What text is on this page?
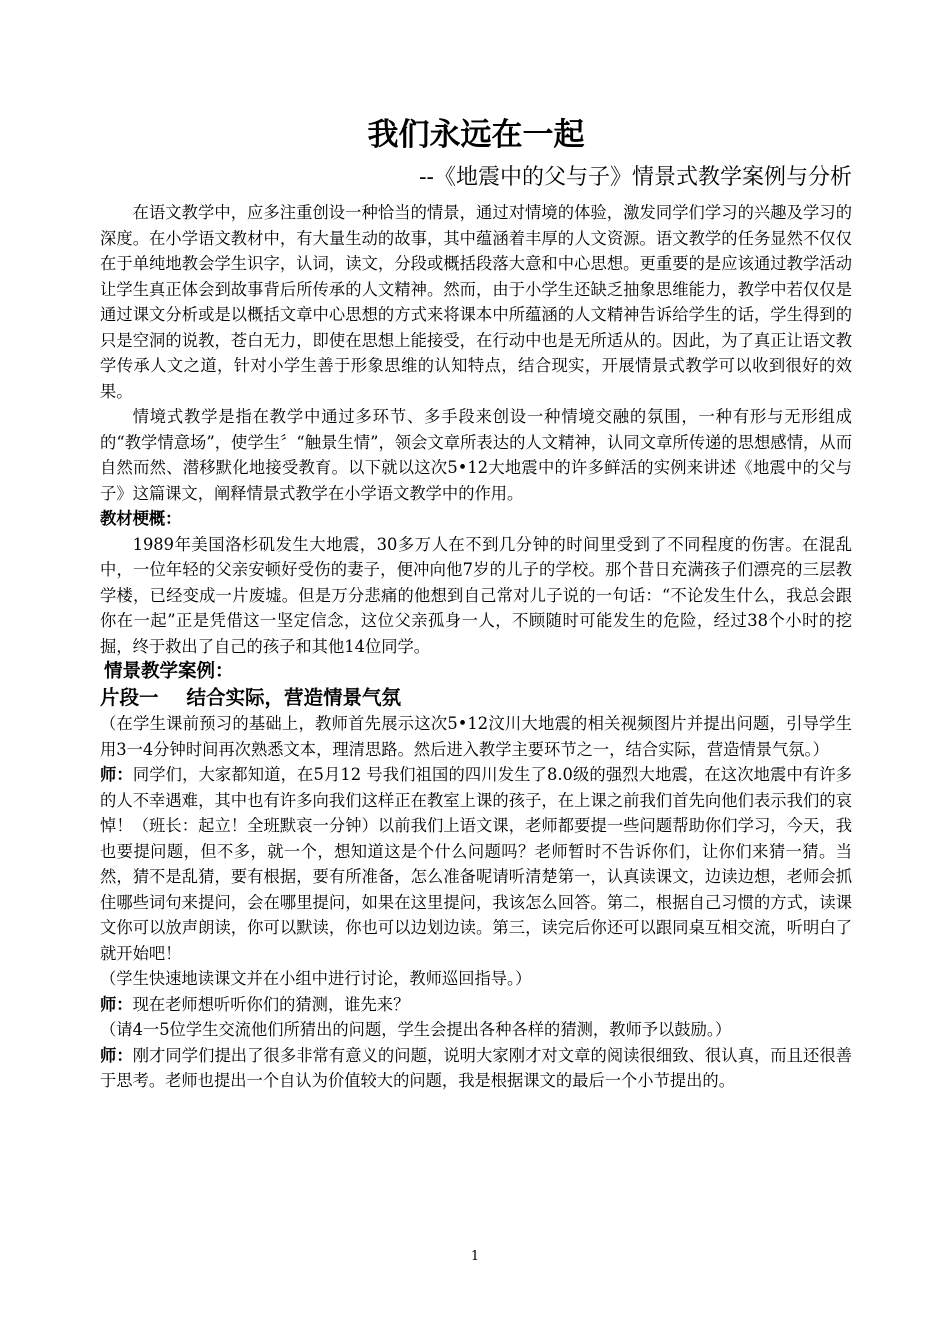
我们永远在一起
--《地震中的父与子》情景式教学案例与分析

在语文教学中，应多注重创设一种恰当的情景，通过对情境的体验，激发同学们学习的兴趣及学习的深度。在小学语文教材中，有大量生动的故事，其中蕴涵着丰厚的人文资源。语文教学的任务显然不仅仅在于单纯地教会学生识字，认词，读文，分段或概括段落大意和中心思想。更重要的是应该通过教学活动让学生真正体会到故事背后所传承的人文精神。然而，由于小学生还缺乏抽象思维能力，教学中若仅仅是通过课文分析或是以概括文章中心思想的方式来将课本中所蕴涵的人文精神告诉给学生的话，学生得到的只是空洞的说教，苍白无力，即使在思想上能接受，在行动中也是无所适从的。因此，为了真正让语文教学传承人文之道，针对小学生善于形象思维的认知特点，结合现实，开展情景式教学可以收到很好的效果。

情境式教学是指在教学中通过多环节、多手段来创设一种情境交融的氛围，一种有形与无形组成的“教学情意场”，使学生〞“触景生情”，领会文章所表达的人文精神，认同文章所传递的思想感情，从而自然而然、潜移默化地接受教育。以下就以这次5•12大地震中的许多鲜活的实例来讲述《地震中的父与子》这篇课文，阐释情景式教学在小学语文教学中的作用。

教材梗概：

1989年美国洛杉矶发生大地震，30多万人在不到几分钟的时间里受到了不同程度的伤害。在混乱中，一位年轻的父亲安顿好受伤的妻子，便冲向他7岁的儿子的学校。那个昔日充满孩子们漂亮的三层教学楼，已经变成一片废墟。但是万分悲痛的他想到自己常对儿子说的一句话：“不论发生什么，我总会跟你在一起”正是凭借这一坚定信念，这位父亲孤身一人，不顾随时可能发生的危险，经过38个小时的挖掘，终于救出了自己的孩子和其他14位同学。

情景教学案例：
片段一 结合实际，营造情景气氛

（在学生课前预习的基础上，教师首先展示这次5•12汶川大地震的相关视频图片并提出问题，引导学生用3一4分钟时间再次熟悉文本，理清思路。然后进入教学主要环节之一，结合实际，营造情景气氛。）

师：同学们，大家都知道，在5月12 号我们祖国的四川发生了8.0级的强烈大地震，在这次地震中有许多的人不幸遇难，其中也有许多向我们这样正在教室上课的孩子，在上课之前我们首先向他们表示我们的哀悼！（班长：起立！全班默哀一分钟）以前我们上语文课，老师都要提一些问题帮助你们学习，今天，我也要提问题，但不多，就一个，想知道这是个什么问题吗？老师暂时不告诉你们，让你们来猜一猜。当然，猜不是乱猜，要有根据，要有所准备，怎么准备呢请听清楚第一，认真读课文，边读边想，老师会抓住哪些词句来提问，会在哪里提问，如果在这里提问，我该怎么回答。第二，根据自己习惯的方式，读课文你可以放声朗读，你可以默读，你也可以边划边读。第三，读完后你还可以跟同桌互相交流，听明白了就开始吧！

（学生快速地读课文并在小组中进行讨论，教师巡回指导。）

师：现在老师想听听你们的猜测，谁先来？

（请4一5位学生交流他们所猜出的问题，学生会提出各种各样的猜测，教师予以鼓励。）

师：刚才同学们提出了很多非常有意义的问题，说明大家刚才对文章的阅读很细致、很认真，而且还很善于思考。老师也提出一个自认为价值较大的问题，我是根据课文的最后一个小节提出的。

1
